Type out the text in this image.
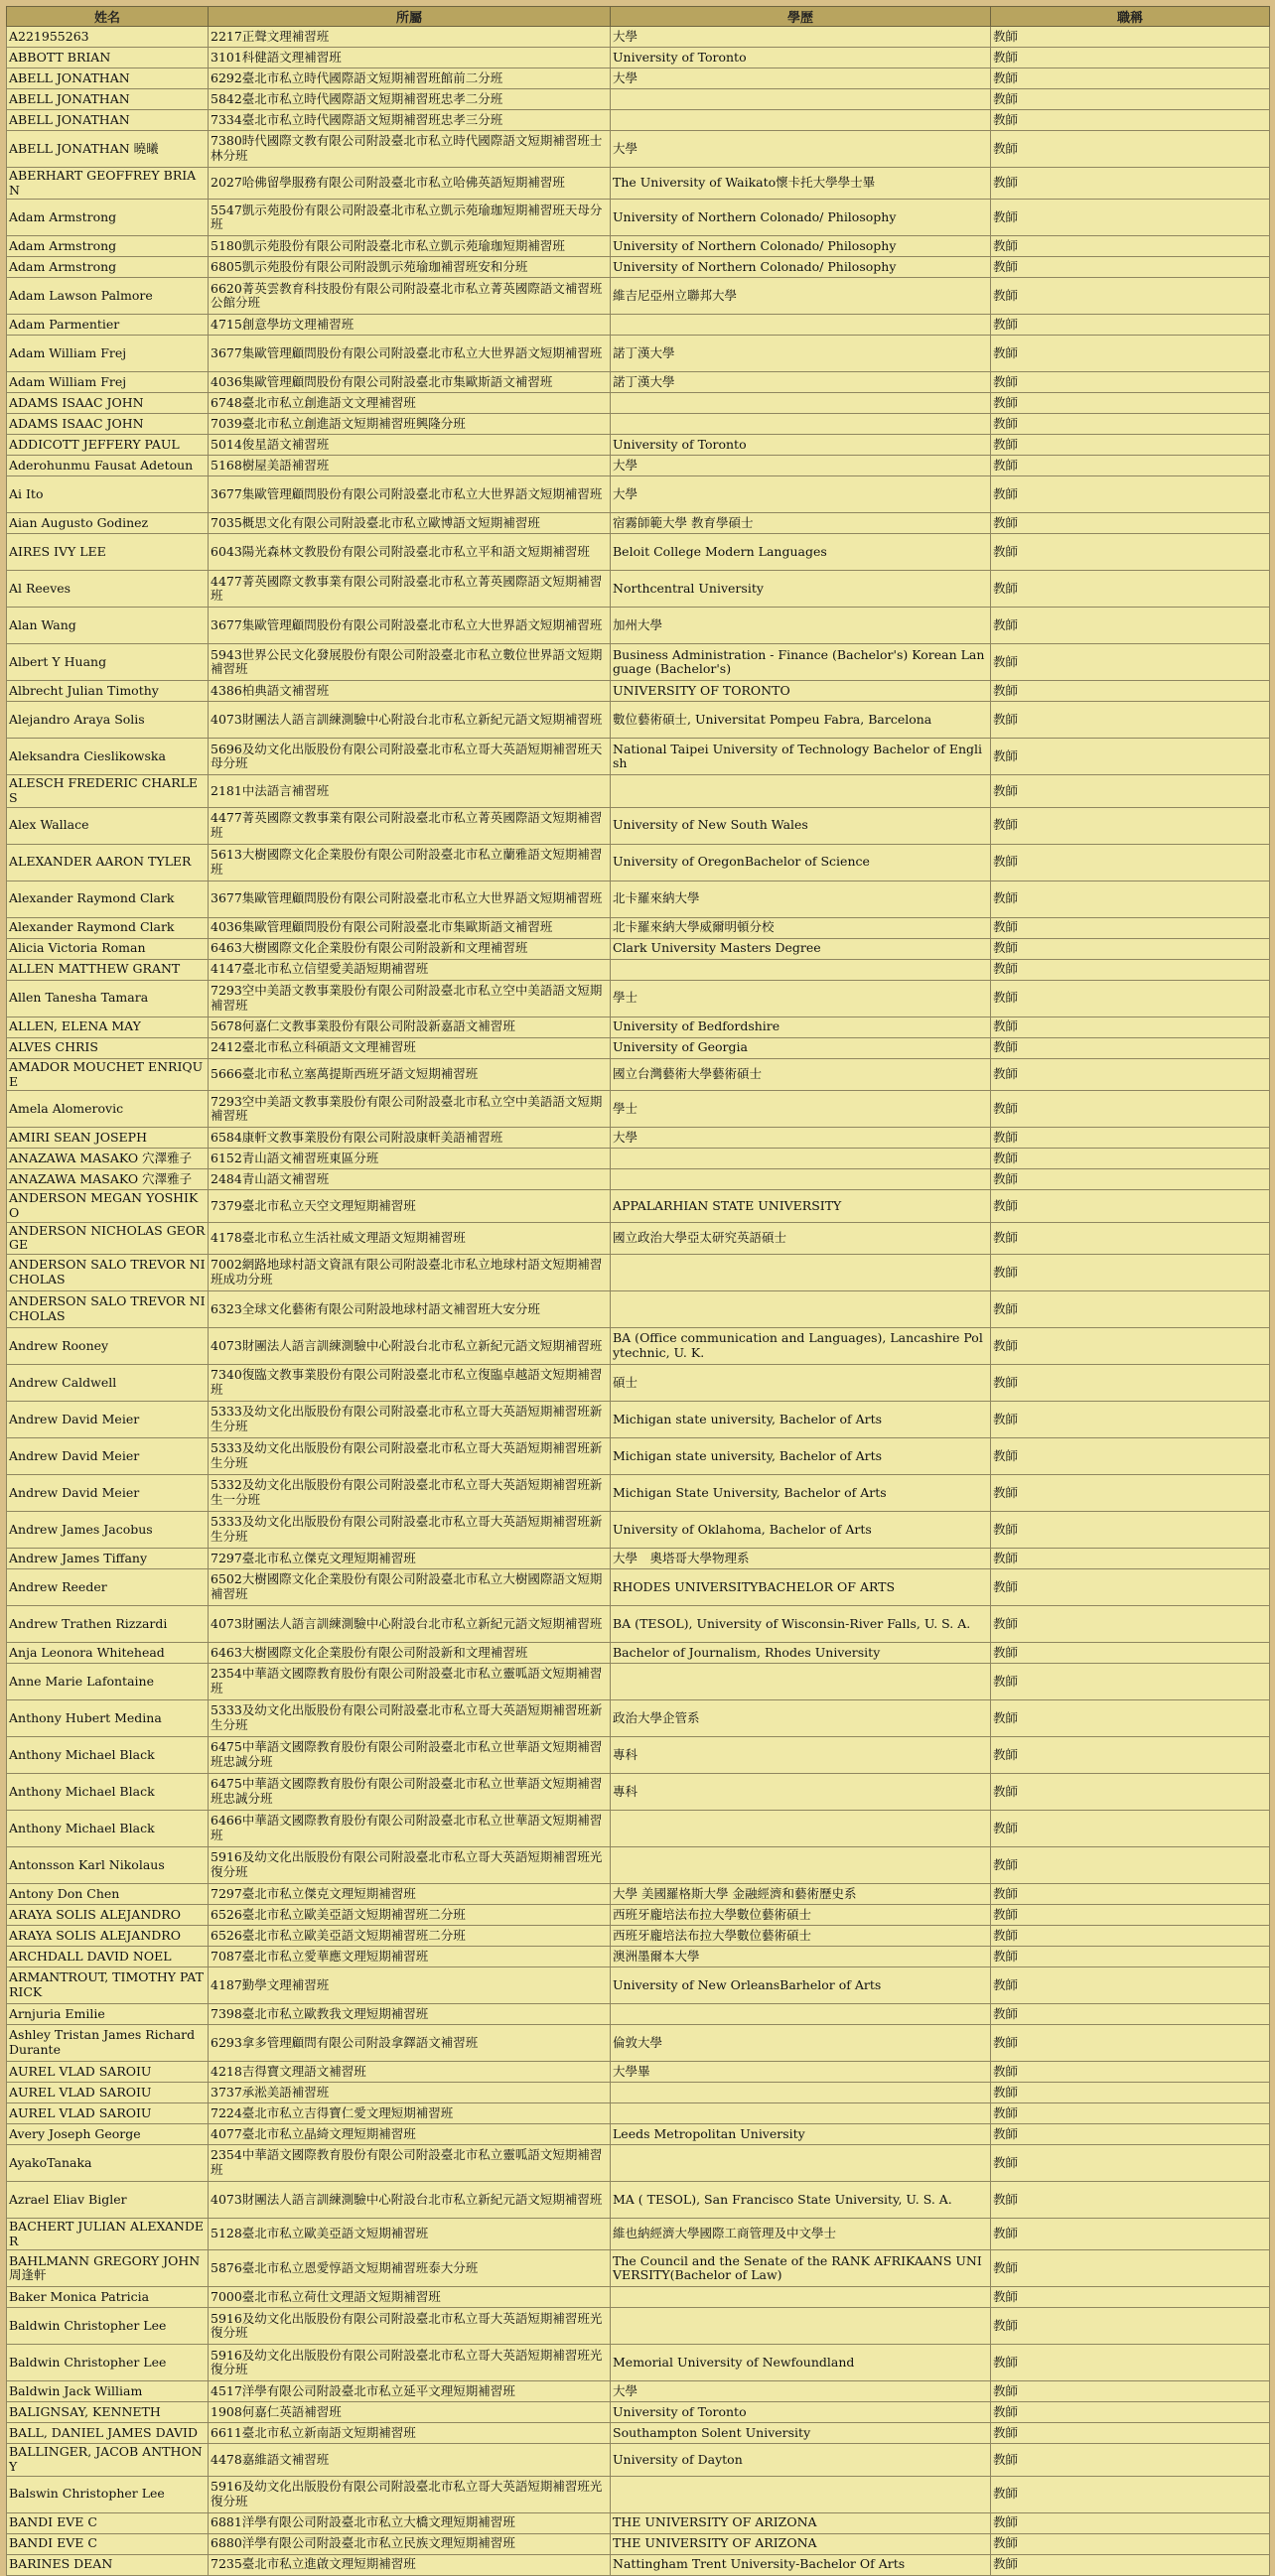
姓名	所屬	學歷	職稱
A221955263	2217正聲文理補習班	大學	教師
ABBOTT BRIAN	3101科健語文理補習班	University of Toronto	教師
ABELL JONATHAN	6292臺北市私立時代國際語文短期補習班館前二分班	大學	教師
ABELL JONATHAN	5842臺北市私立時代國際語文短期補習班忠孝二分班		教師
ABELL JONATHAN	7334臺北市私立時代國際語文短期補習班忠孝三分班		教師
ABELL JONATHAN 曉曦	7380時代國際文教有限公司附設臺北市私立時代國際語文短期補習班士林分班	大學	教師
ABERHART GEOFFREY BRIAN	2027哈佛留學服務有限公司附設臺北市私立哈佛英語短期補習班	The University of Waikato懷卡托大學學士畢	教師
Adam Armstrong	5547凱示苑股份有限公司附設臺北市私立凱示苑瑜珈短期補習班天母分班	University of Northern Colonado/ Philosophy	教師
Adam Armstrong	5180凱示苑股份有限公司附設臺北市私立凱示苑瑜珈短期補習班	University of Northern Colonado/ Philosophy	教師
Adam Armstrong	6805凱示苑股份有限公司附設凱示苑瑜珈補習班安和分班	University of Northern Colonado/ Philosophy	教師
Adam Lawson Palmore	6620菁英雲教育科技股份有限公司附設臺北市私立菁英國際語文補習班公館分班	維吉尼亞州立聯邦大學	教師
Adam Parmentier	4715創意學坊文理補習班		教師
Adam William Frej	3677集歐管理顧問股份有限公司附設臺北市私立大世界語文短期補習班	諾丁漢大學	教師
Adam William Frej	4036集歐管理顧問股份有限公司附設臺北市集歐斯語文補習班	諾丁漢大學	教師
ADAMS ISAAC JOHN	6748臺北市私立創進語文文理補習班		教師
ADAMS ISAAC JOHN	7039臺北市私立創進語文短期補習班興隆分班		教師
ADDICOTT JEFFERY PAUL	5014俊星語文補習班	University of Toronto	教師
Aderohunmu Fausat Adetoun	5168樹屋美語補習班	大學	教師
Ai Ito	3677集歐管理顧問股份有限公司附設臺北市私立大世界語文短期補習班	大學	教師
Aian Augusto Godinez	7035概思文化有限公司附設臺北市私立歐博語文短期補習班	宿霧師範大學 教育學碩士	教師
AIRES IVY LEE	6043陽光森林文教股份有限公司附設臺北市私立平和語文短期補習班	Beloit College Modern Languages	教師
Al Reeves	4477菁英國際文教事業有限公司附設臺北市私立菁英國際語文短期補習班	Northcentral University	教師
Alan Wang	3677集歐管理顧問股份有限公司附設臺北市私立大世界語文短期補習班	加州大學	教師
Albert Y Huang	5943世界公民文化發展股份有限公司附設臺北市私立數位世界語文短期補習班	Business Administration - Finance (Bachelor's) Korean Language (Bachelor's)	教師
Albrecht Julian Timothy	4386柏典語文補習班	UNIVERSITY OF TORONTO	教師
Alejandro Araya Solis	4073財團法人語言訓練測驗中心附設台北市私立新紀元語文短期補習班	數位藝術碩士, Universitat Pompeu Fabra, Barcelona	教師
Aleksandra Cieslikowska	5696及幼文化出版股份有限公司附設臺北市私立哥大英語短期補習班天母分班	National Taipei University of Technology Bachelor of English	教師
ALESCH FREDERIC CHARLES	2181中法語言補習班		教師
Alex Wallace	4477菁英國際文教事業有限公司附設臺北市私立菁英國際語文短期補習班	University of New South Wales	教師
ALEXANDER AARON TYLER	5613大樹國際文化企業股份有限公司附設臺北市私立蘭雅語文短期補習班	University of OregonBachelor of Science	教師
Alexander Raymond Clark	3677集歐管理顧問股份有限公司附設臺北市私立大世界語文短期補習班	北卡羅來納大學	教師
Alexander Raymond Clark	4036集歐管理顧問股份有限公司附設臺北市集歐斯語文補習班	北卡羅來納大學威爾明頓分校	教師
Alicia Victoria Roman	6463大樹國際文化企業股份有限公司附設新和文理補習班	Clark University Masters Degree	教師
ALLEN MATTHEW GRANT	4147臺北市私立信望愛美語短期補習班		教師
Allen Tanesha Tamara	7293空中美語文教事業股份有限公司附設臺北市私立空中美語語文短期補習班	學士	教師
ALLEN, ELENA MAY	5678何嘉仁文教事業股份有限公司附設新嘉語文補習班	University of Bedfordshire	教師
ALVES CHRIS	2412臺北市私立科碩語文文理補習班	University of Georgia	教師
AMADOR MOUCHET ENRIQUE	5666臺北市私立塞萬提斯西班牙語文短期補習班	國立台灣藝術大學藝術碩士	教師
Amela Alomerovic	7293空中美語文教事業股份有限公司附設臺北市私立空中美語語文短期補習班	學士	教師
AMIRI SEAN JOSEPH	6584康軒文教事業股份有限公司附設康軒美語補習班	大學	教師
ANAZAWA MASAKO 穴澤雅子	6152青山語文補習班東區分班		教師
ANAZAWA MASAKO 穴澤雅子	2484青山語文補習班		教師
ANDERSON MEGAN YOSHIKO	7379臺北市私立天空文理短期補習班	APPALARHIAN STATE UNIVERSITY	教師
ANDERSON NICHOLAS GEORGE	4178臺北市私立生活社威文理語文短期補習班	國立政治大學亞太研究英語碩士	教師
ANDERSON SALO TREVOR NICHOLAS	7002網路地球村語文資訊有限公司附設臺北市私立地球村語文短期補習班成功分班		教師
ANDERSON SALO TREVOR NICHOLAS	6323全球文化藝術有限公司附設地球村語文補習班大安分班		教師
Andrew Rooney	4073財團法人語言訓練測驗中心附設台北市私立新紀元語文短期補習班	BA (Office communication and Languages), Lancashire Polytechnic, U. K.	教師
Andrew Caldwell	7340復臨文教事業股份有限公司附設臺北市私立復臨卓越語文短期補習班	碩士	教師
Andrew David Meier	5333及幼文化出版股份有限公司附設臺北市私立哥大英語短期補習班新生分班	Michigan state university, Bachelor of Arts	教師
Andrew David Meier	5333及幼文化出版股份有限公司附設臺北市私立哥大英語短期補習班新生分班	Michigan state university, Bachelor of Arts	教師
Andrew David Meier	5332及幼文化出版股份有限公司附設臺北市私立哥大英語短期補習班新生一分班	Michigan State University, Bachelor of Arts	教師
Andrew James Jacobus	5333及幼文化出版股份有限公司附設臺北市私立哥大英語短期補習班新生分班	University of Oklahoma, Bachelor of Arts	教師
Andrew James Tiffany	7297臺北市私立傑克文理短期補習班	大學　奧塔哥大學物理系	教師
Andrew Reeder	6502大樹國際文化企業股份有限公司附設臺北市私立大樹國際語文短期補習班	RHODES UNIVERSITYBACHELOR OF ARTS	教師
Andrew Trathen Rizzardi	4073財團法人語言訓練測驗中心附設台北市私立新紀元語文短期補習班	BA (TESOL), University of Wisconsin-River Falls, U. S. A.	教師
Anja Leonora Whitehead	6463大樹國際文化企業股份有限公司附設新和文理補習班	Bachelor of Journalism, Rhodes University	教師
Anne Marie Lafontaine	2354中華語文國際教育股份有限公司附設臺北市私立靈呱語文短期補習班		教師
Anthony Hubert Medina	5333及幼文化出版股份有限公司附設臺北市私立哥大英語短期補習班新生分班	政治大學企管系	教師
Anthony Michael Black	6475中華語文國際教育股份有限公司附設臺北市私立世華語文短期補習班忠誠分班	專科	教師
Anthony Michael Black	6475中華語文國際教育股份有限公司附設臺北市私立世華語文短期補習班忠誠分班	專科	教師
Anthony Michael Black	6466中華語文國際教育股份有限公司附設臺北市私立世華語文短期補習班		教師
Antonsson Karl Nikolaus	5916及幼文化出版股份有限公司附設臺北市私立哥大英語短期補習班光復分班		教師
Antony Don Chen	7297臺北市私立傑克文理短期補習班	大學 美國羅格斯大學 金融經濟和藝術歷史系	教師
ARAYA SOLIS ALEJANDRO	6526臺北市私立歐美亞語文短期補習班二分班	西班牙龐培法布拉大學數位藝術碩士	教師
ARAYA SOLIS ALEJANDRO	6526臺北市私立歐美亞語文短期補習班二分班	西班牙龐培法布拉大學數位藝術碩士	教師
ARCHDALL DAVID NOEL	7087臺北市私立愛華應文理短期補習班	澳洲墨爾本大學	教師
ARMANTROUT, TIMOTHY PATRICK	4187勤學文理補習班	University of New OrleansBarhelor of Arts	教師
Arnjuria Emilie	7398臺北市私立歐教我文理短期補習班		教師
Ashley Tristan James Richard Durante	6293拿多管理顧問有限公司附設拿鐸語文補習班	倫敦大學	教師
AUREL VLAD SAROIU	4218吉得寶文理語文補習班	大學畢	教師
AUREL VLAD SAROIU	3737承淞美語補習班		教師
AUREL VLAD SAROIU	7224臺北市私立吉得寶仁愛文理短期補習班		教師
Avery Joseph George	4077臺北市私立晶綺文理短期補習班	Leeds Metropolitan University	教師
AyakoTanaka	2354中華語文國際教育股份有限公司附設臺北市私立靈呱語文短期補習班		教師
Azrael Eliav Bigler	4073財團法人語言訓練測驗中心附設台北市私立新紀元語文短期補習班	MA ( TESOL), San Francisco State University, U. S. A.	教師
BACHERT JULIAN ALEXANDER	5128臺北市私立歐美亞語文短期補習班	維也納經濟大學國際工商管理及中文學士	教師
BAHLMANN GREGORY JOHN周逢軒	5876臺北市私立恩愛惇語文短期補習班泰大分班	The Council and the Senate of the RANK AFRIKAANS UNIVERSITY(Bachelor of Law)	教師
Baker Monica Patricia	7000臺北市私立荷仕文理語文短期補習班		教師
Baldwin Christopher Lee	5916及幼文化出版股份有限公司附設臺北市私立哥大英語短期補習班光復分班		教師
Baldwin Christopher Lee	5916及幼文化出版股份有限公司附設臺北市私立哥大英語短期補習班光復分班	Memorial University of Newfoundland	教師
Baldwin Jack William	4517洋學有限公司附設臺北市私立延平文理短期補習班	大學	教師
BALIGNSAY, KENNETH	1908何嘉仁英語補習班	University of Toronto	教師
BALL, DANIEL JAMES DAVID	6611臺北市私立新南語文短期補習班	Southampton Solent University	教師
BALLINGER, JACOB ANTHONY	4478嘉維語文補習班	University of Dayton	教師
Balswin Christopher Lee	5916及幼文化出版股份有限公司附設臺北市私立哥大英語短期補習班光復分班		教師
BANDI EVE C	6881洋學有限公司附設臺北市私立大橋文理短期補習班	THE UNIVERSITY OF ARIZONA	教師
BANDI EVE C	6880洋學有限公司附設臺北市私立民族文理短期補習班	THE UNIVERSITY OF ARIZONA	教師
BARINES DEAN	7235臺北市私立進啟文理短期補習班	Nattingham Trent University-Bachelor Of Arts	教師
